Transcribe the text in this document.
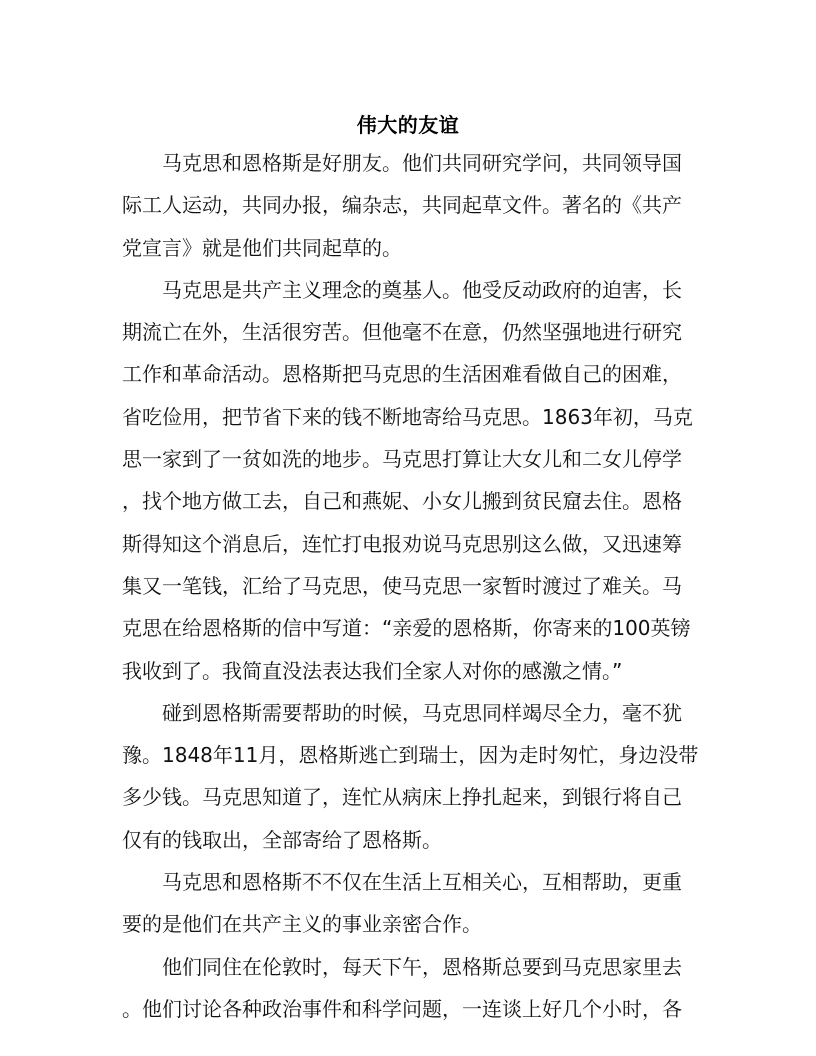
伟大的友谊
马克思和恩格斯是好朋友。他们共同研究学问，共同领导国
际工人运动，共同办报，编杂志，共同起草文件。著名的《共产
党宣言》就是他们共同起草的。
马克思是共产主义理念的奠基人。他受反动政府的迫害，长
期流亡在外，生活很穷苦。但他毫不在意，仍然坚强地进行研究
工作和革命活动。恩格斯把马克思的生活困难看做自己的困难，
省吃俭用，把节省下来的钱不断地寄给马克思。1863年初，马克
思一家到了一贫如洗的地步。马克思打算让大女儿和二女儿停学
，找个地方做工去，自己和燕妮、小女儿搬到贫民窟去住。恩格
斯得知这个消息后，连忙打电报劝说马克思别这么做，又迅速筹
集又一笔钱，汇给了马克思，使马克思一家暂时渡过了难关。马
克思在给恩格斯的信中写道：“亲爱的恩格斯，你寄来的100英镑
我收到了。我简直没法表达我们全家人对你的感激之情。”
碰到恩格斯需要帮助的时候，马克思同样竭尽全力，毫不犹
豫。1848年11月，恩格斯逃亡到瑞士，因为走时匆忙，身边没带
多少钱。马克思知道了，连忙从病床上挣扎起来，到银行将自己
仅有的钱取出，全部寄给了恩格斯。
马克思和恩格斯不不仅在生活上互相关心，互相帮助，更重
要的是他们在共产主义的事业亲密合作。
他们同住在伦敦时，每天下午，恩格斯总要到马克思家里去
。他们讨论各种政治事件和科学问题，一连谈上好几个小时，各
